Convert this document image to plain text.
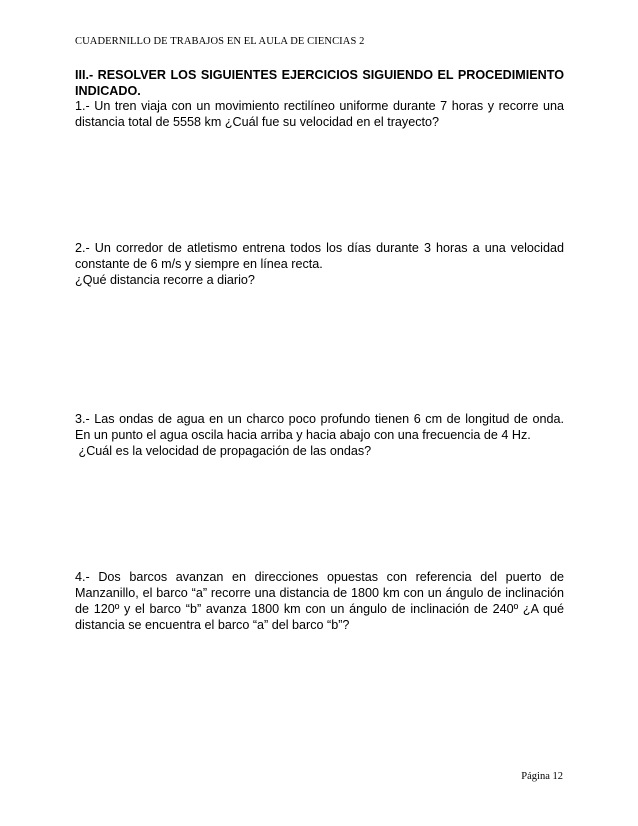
CUADERNILLO DE TRABAJOS EN EL AULA DE CIENCIAS 2
III.- RESOLVER LOS SIGUIENTES EJERCICIOS SIGUIENDO EL PROCEDIMIENTO INDICADO.

1.- Un tren viaja con un movimiento rectilíneo uniforme durante 7 horas y recorre una distancia total de 5558 km ¿Cuál fue su velocidad en el trayecto?

2.- Un corredor de atletismo entrena todos los días durante 3 horas a una velocidad constante de 6 m/s y siempre en línea recta.

¿Qué distancia recorre a diario?

3.- Las ondas de agua en un charco poco profundo tienen 6 cm de longitud de onda. En un punto el agua oscila hacia arriba y hacia abajo con una frecuencia de 4 Hz.

¿Cuál es la velocidad de propagación de las ondas?

4.- Dos barcos avanzan en direcciones opuestas con referencia del puerto de Manzanillo, el barco “a” recorre una distancia de 1800 km con un ángulo de inclinación de 120º y el barco “b” avanza 1800 km con un ángulo de inclinación de 240º ¿A qué distancia se encuentra el barco “a” del barco “b”?

Página 12
